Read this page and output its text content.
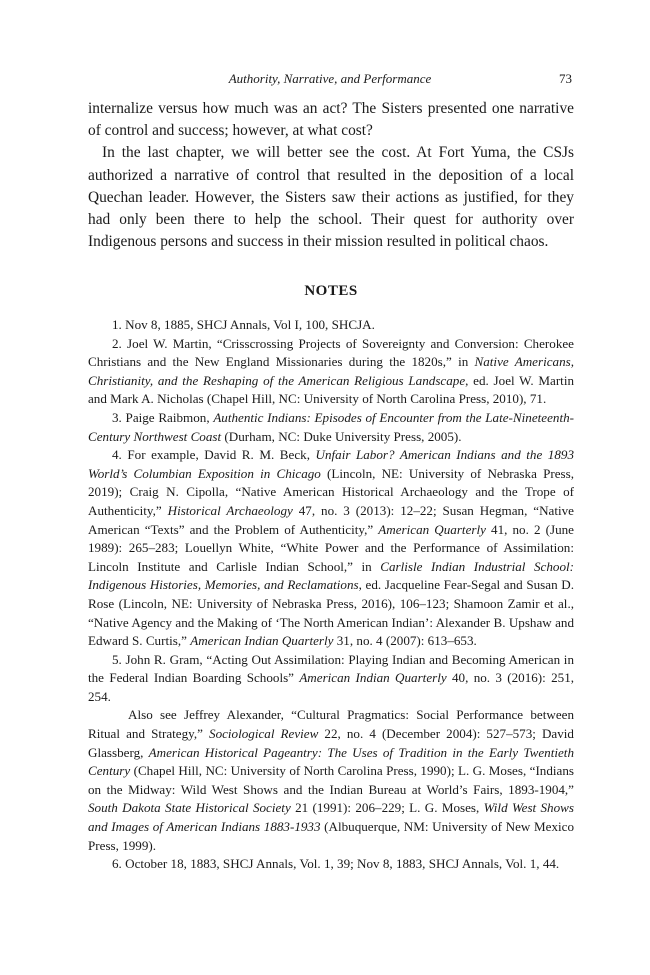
Authority, Narrative, and Performance	73

internalize versus how much was an act? The Sisters presented one narrative of control and success; however, at what cost?

In the last chapter, we will better see the cost. At Fort Yuma, the CSJs authorized a narrative of control that resulted in the deposition of a local Quechan leader. However, the Sisters saw their actions as justified, for they had only been there to help the school. Their quest for authority over Indigenous persons and success in their mission resulted in political chaos.

NOTES

1. Nov 8, 1885, SHCJ Annals, Vol I, 100, SHCJA.

2. Joel W. Martin, “Crisscrossing Projects of Sovereignty and Conversion: Cherokee Christians and the New England Missionaries during the 1820s,” in Native Americans, Christianity, and the Reshaping of the American Religious Landscape, ed. Joel W. Martin and Mark A. Nicholas (Chapel Hill, NC: University of North Carolina Press, 2010), 71.

3. Paige Raibmon, Authentic Indians: Episodes of Encounter from the Late-Nineteenth-Century Northwest Coast (Durham, NC: Duke University Press, 2005).

4. For example, David R. M. Beck, Unfair Labor? American Indians and the 1893 World’s Columbian Exposition in Chicago (Lincoln, NE: University of Nebraska Press, 2019); Craig N. Cipolla, “Native American Historical Archaeology and the Trope of Authenticity,” Historical Archaeology 47, no. 3 (2013): 12–22; Susan Hegman, “Native American “Texts” and the Problem of Authenticity,” American Quarterly 41, no. 2 (June 1989): 265–283; Louellyn White, “White Power and the Performance of Assimilation: Lincoln Institute and Carlisle Indian School,” in Carlisle Indian Industrial School: Indigenous Histories, Memories, and Reclamations, ed. Jacqueline Fear-Segal and Susan D. Rose (Lincoln, NE: University of Nebraska Press, 2016), 106–123; Shamoon Zamir et al., “Native Agency and the Making of ‘The North American Indian’: Alexander B. Upshaw and Edward S. Curtis,” American Indian Quarterly 31, no. 4 (2007): 613–653.

5. John R. Gram, “Acting Out Assimilation: Playing Indian and Becoming American in the Federal Indian Boarding Schools” American Indian Quarterly 40, no. 3 (2016): 251, 254.

Also see Jeffrey Alexander, “Cultural Pragmatics: Social Performance between Ritual and Strategy,” Sociological Review 22, no. 4 (December 2004): 527–573; David Glassberg, American Historical Pageantry: The Uses of Tradition in the Early Twentieth Century (Chapel Hill, NC: University of North Carolina Press, 1990); L. G. Moses, “Indians on the Midway: Wild West Shows and the Indian Bureau at World’s Fairs, 1893-1904,” South Dakota State Historical Society 21 (1991): 206–229; L. G. Moses, Wild West Shows and Images of American Indians 1883-1933 (Albuquerque, NM: University of New Mexico Press, 1999).

6. October 18, 1883, SHCJ Annals, Vol. 1, 39; Nov 8, 1883, SHCJ Annals, Vol. 1, 44.
